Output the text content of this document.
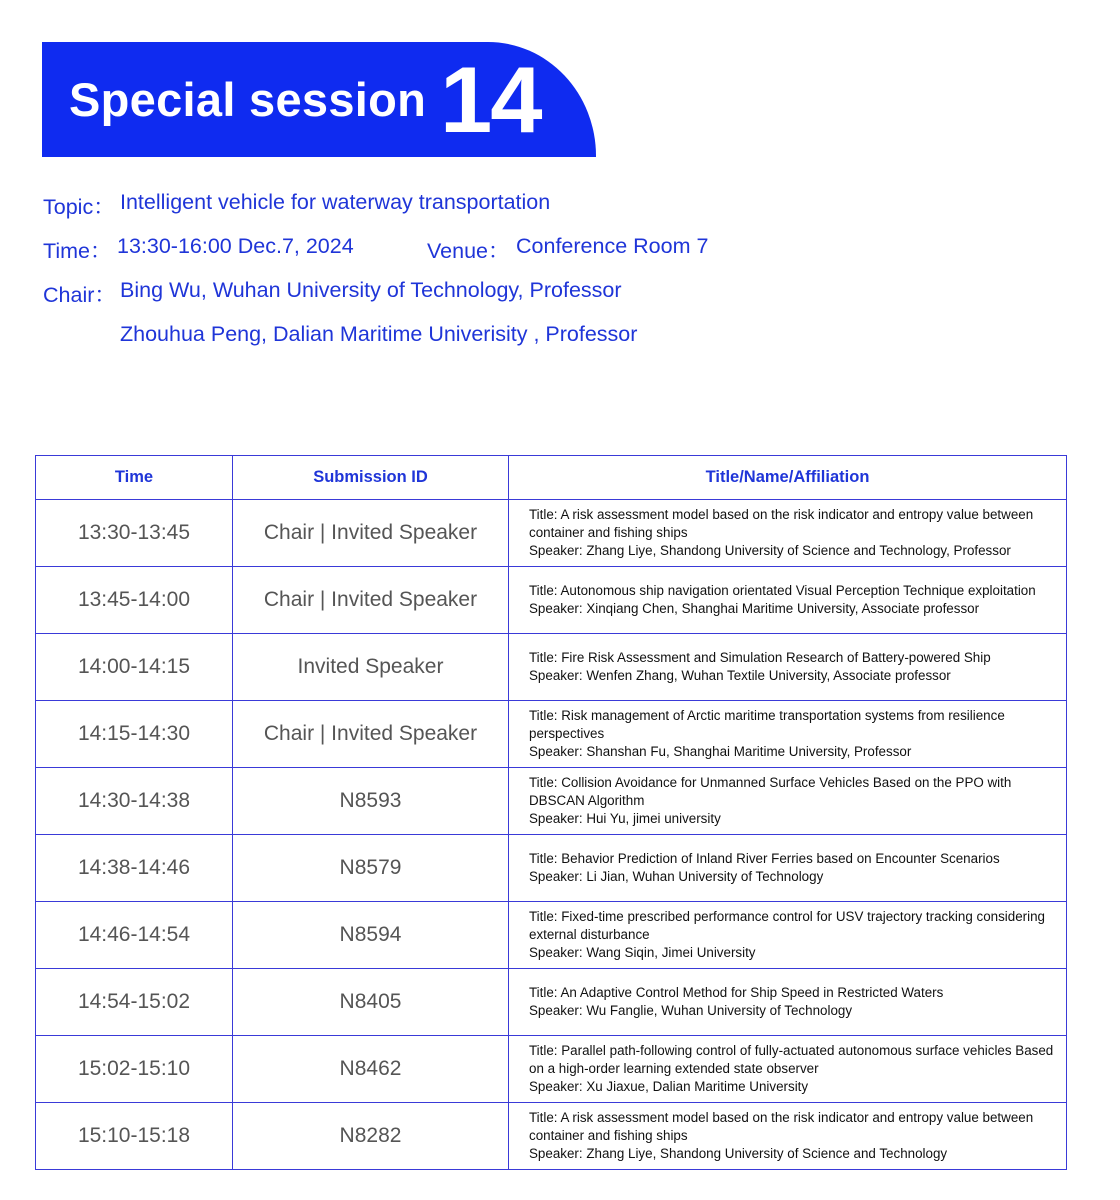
Special session 14
Topic： Intelligent vehicle for waterway transportation
Time： 13:30-16:00 Dec.7, 2024	Venue： Conference Room 7
Chair： Bing Wu, Wuhan University of Technology, Professor
Zhouhua Peng, Dalian Maritime Univerisity , Professor
Time	Submission ID	Title/Name/Affiliation
13:30-13:45	Chair | Invited Speaker	Title: A risk assessment model based on the risk indicator and entropy value between container and fishing ships
Speaker: Zhang Liye, Shandong University of Science and Technology, Professor

13:45-14:00	Chair | Invited Speaker	Title: Autonomous ship navigation orientated Visual Perception Technique exploitation
Speaker: Xinqiang Chen, Shanghai Maritime University, Associate professor

14:00-14:15	Invited Speaker	Title: Fire Risk Assessment and Simulation Research of Battery-powered Ship
Speaker: Wenfen Zhang, Wuhan Textile University, Associate professor

14:15-14:30	Chair | Invited Speaker	Title: Risk management of Arctic maritime transportation systems from resilience perspectives
Speaker: Shanshan Fu, Shanghai Maritime University, Professor

14:30-14:38	N8593	Title: Collision Avoidance for Unmanned Surface Vehicles Based on the PPO with DBSCAN Algorithm
Speaker: Hui Yu, jimei university

14:38-14:46	N8579	Title: Behavior Prediction of Inland River Ferries based on Encounter Scenarios
Speaker: Li Jian, Wuhan University of Technology

14:46-14:54	N8594	Title: Fixed-time prescribed performance control for USV trajectory tracking considering external disturbance
Speaker: Wang Siqin, Jimei University

14:54-15:02	N8405	Title: An Adaptive Control Method for Ship Speed in Restricted Waters
Speaker: Wu Fanglie, Wuhan University of Technology

15:02-15:10	N8462	Title: Parallel path-following control of fully-actuated autonomous surface vehicles Based on a high-order learning extended state observer
Speaker: Xu Jiaxue, Dalian Maritime University

15:10-15:18	N8282	Title: A risk assessment model based on the risk indicator and entropy value between container and fishing ships
Speaker: Zhang Liye, Shandong University of Science and Technology
